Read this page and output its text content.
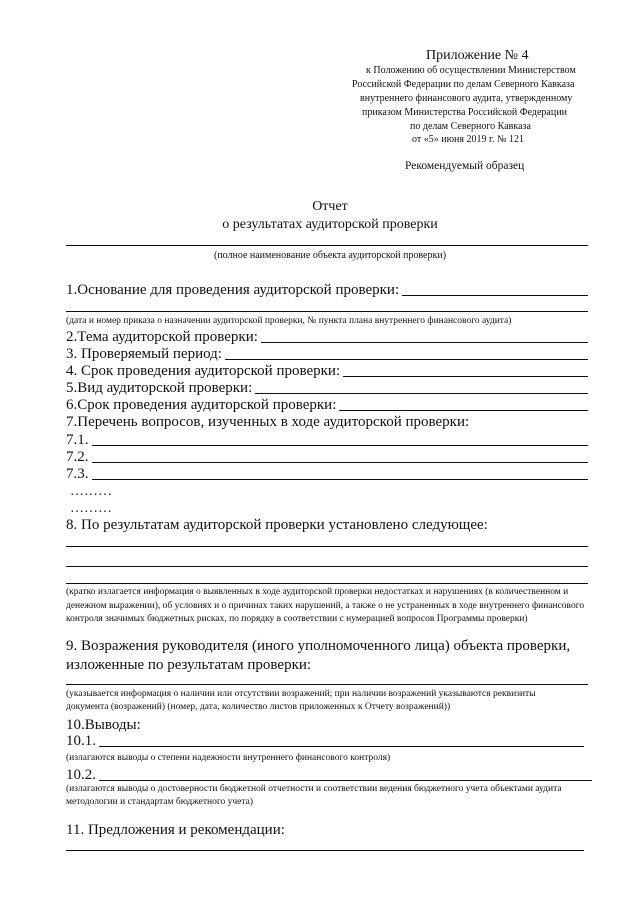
Приложение № 4
к Положению об осуществлении Министерством
Российской Федерации по делам Северного Кавказа
внутреннего финансового аудита, утвержденному
приказом Министерства Российской Федерации
по делам Северного Кавказа
от «5» июня 2019 г. № 121
Рекомендуемый образец
Отчет
о результатах аудиторской проверки
(полное наименование объекта аудиторской проверки)
1.Основание для проведения аудиторской проверки:
(дата и номер приказа о назначении аудиторской проверки, № пункта плана внутреннего финансового аудита)
2.Тема аудиторской проверки:
3. Проверяемый период:
4. Срок проведения аудиторской проверки:
5.Вид аудиторской проверки:
6.Срок проведения аудиторской проверки:
7.Перечень вопросов, изученных в ходе аудиторской проверки:
7.1.
7.2.
7.3.
………
………
8. По результатам аудиторской проверки установлено следующее:
(кратко излагается информация о выявленных в ходе аудиторской проверки недостатках и нарушениях (в количественном и денежном выражении), об условиях и о причинах таких нарушений, а также о не устраненных в ходе внутреннего финансового контроля значимых бюджетных рисках, по порядку в соответствии с нумерацией вопросов Программы проверки)
9. Возражения руководителя (иного уполномоченного лица) объекта проверки,
изложенные по результатам проверки:
(указывается информация о наличии или отсутствии возражений; при наличии возражений указываются реквизиты документа (возражений) (номер, дата, количество листов приложенных к Отчету возражений))
10.Выводы:
10.1.
(излагаются выводы о степени надежности внутреннего финансового контроля)
10.2.
(излагаются выводы о достоверности бюджетной отчетности и соответствии ведения бюджетного учета объектами аудита методологии и стандартам бюджетного учета)
11. Предложения и рекомендации:
